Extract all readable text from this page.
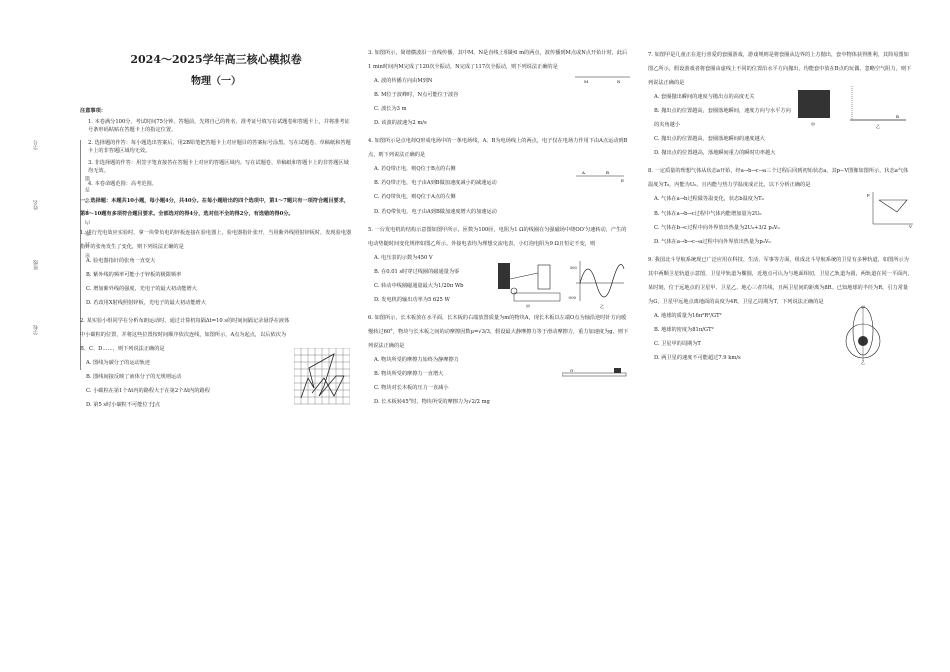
学号
姓名
班级
学校
密封线内不要答题
2024～2025学年高三核心模拟卷
物理（一）
注意事项：
1. 本卷满分100分，考试时间75分钟。答题前，先将自己的姓名、准考证号填写在试题卷和答题卡上，并将准考证号条形码粘贴在答题卡上的指定位置。
2. 选择题的作答：每小题选出答案后，用2B铅笔把答题卡上对应题目的答案标号涂黑。写在试题卷、草稿纸和答题卡上的非答题区域均无效。
3. 非选择题的作答：用签字笔直接答在答题卡上对应的答题区域内。写在试题卷、草稿纸和答题卡上的非答题区域均无效。
4. 本卷命题范围：高考范围。
一、选择题：本题共10小题，每小题4分，共40分。在每小题给出的四个选项中，第1～7题只有一项符合题目要求，第8～10题有多项符合题目要求。全部选对的得4分，选对但不全的得2分，有选错的得0分。
1. 进行光电效应实验时，拿一块带负电的锌板连接在验电器上，验电器指针张开，当用紫外线照射锌板时，发现验电器指针的张角发生了变化，则下列说法正确的是
A. 验电器指针的张角一直变大
B. 紫外线的频率可能小于锌板的极限频率
C. 增加紫外线的强度，光电子的最大初动能增大
D. 若改用X射线照射锌板，光电子的最大初动能增大
2. 某实验小组同学在分析布朗运动时，通过计算机每隔Δt=10 s的时间间隔记录悬浮在液体中小碳粒的位置，并将这些位置按时间顺序依次连线，如图所示，A点为起点，以后依次为B、C、D……，则下列说法正确的是
A. 图线为碳分子的运动轨迹
B. 图线间接反映了液体分子的无规则运动
C. 小碳粒在第1个Δt内的路程大于在第2个Δt内的路程
D. 第5 s时小碳粒不可能位于J点
3. 如图所示，简谐横波沿一直线传播，其中M、N是直线上相距6 m的两点，波传播到M点或N点开始计时，此后1 min时间内M完成了120次全振动，N完成了117次全振动，则下列说法正确的是
A. 波的传播方向由M到N
B. M位于波峰时，N点可能位于波谷
C. 波长为3 m
D. 该波的波速为2 m/s
M	N
4. 如图所示是点电荷Q形成电场中的一条电场线，A、B为电场线上的两点，电子仅在电场力作用下由A点运动到B点，则下列说法正确的是
A. 若Q带正电，则Q位于B点的右侧
B. 若Q带正电，电子由A到B做加速度减小的减速运动
C. 若Q带负电，则Q位于A点的左侧
D. 若Q带负电，电子由A到B做加速度增大的加速运动
A	B
E
5. 一台发电机的结构示意图如图甲所示，匝数为100匝，电阻为1 Ω的线圈在匀强磁场中绕OO′匀速转动，产生的电动势随时间变化规律如图乙所示。外接电表均为理想交流电表，小灯泡电阻为9 Ω且恒定不变，则
A. 电压表的示数为450 V
B. 在0.01 s时穿过线圈的磁通量为零
C. 转动中线圈磁通量最大为1/20π Wb
D. 发电机的输出功率为5 625 W
甲
500
-500
乙
6. 如图所示，长木板放在水平面，长木板的右端放置质量为m的物块A，现长木板以左端O点为轴沿逆时针方向缓慢转过60°，物块与长木板之间的动摩擦因数μ=√3/3，假设最大静摩擦力等于滑动摩擦力，重力加速度为g，则下列说法正确的是
A. 物块所受的摩擦力始终为静摩擦力
B. 物块所受的摩擦力一直增大
C. 物块对长木板的压力一直减小
D. 长木板转45°时，物块所受的摩擦力为√2/2 mg
O
7. 如图甲是几童正在进行喜爱的套圈游戏，游戏规则是将套圈从边界的上方抛出，套中物体获得胜利，其简易图如图乙所示，假设游戏者将套圈由虚线上不同的位置沿水平方向抛出，均能套中放在B点的玩偶，忽略空气阻力，则下列说法正确的是
A. 套圈抛出瞬间的速度与抛出点的高度无关
B. 抛出点的位置越高，套圈落地瞬间，速度方向与水平方向的夹角越小
C. 抛出点的位置越高，套圈落地瞬间的速度越大
D. 抛出点的位置越高，落地瞬间重力的瞬时功率越大
甲
B
乙
8. 一定质量的理想气体从状态a开始，经a→b→c→a三个过程后回到初始状态a，其p−V图像如图所示，状态a气体温度为T₀，内能为U₀，且内能与热力学温度成正比，以下分析正确的是
A. 气体在a→b过程做等温变化，状态b温度为T₀
B. 气体在a→b→c过程中气体内能增加量为2U₀
C. 气体在b→c过程中向外界放出热量为2U₀+3/2 p₀V₀
D. 气体在a→b→c→a过程中向外界放出热量为p₀V₀
p
V
9. 我国北斗导航系统现已广泛应用在科技、生活、军事等方面，组成北斗导航系统的卫星有多种轨道，如图所示为其中两颗卫星轨道示意图，卫星甲轨道为椭圆，近地点可认为与地面相切，卫星乙轨道为圆，两轨道在同一平面内，某时刻，位于远地点的卫星甲、卫星乙、地心三者共线，且两卫星间的距离为8R。已知地球的半径为R，引力常量为G，卫星甲远地点离地面的高度为4R，卫星乙周期为T，下列说法正确的是
A. 地球的质量为16π²R³/GT²
B. 地球的密度为81π/GT²
C. 卫星甲的周期为T
D. 两卫星的速度不可能超过7.9 km/s
甲
乙
